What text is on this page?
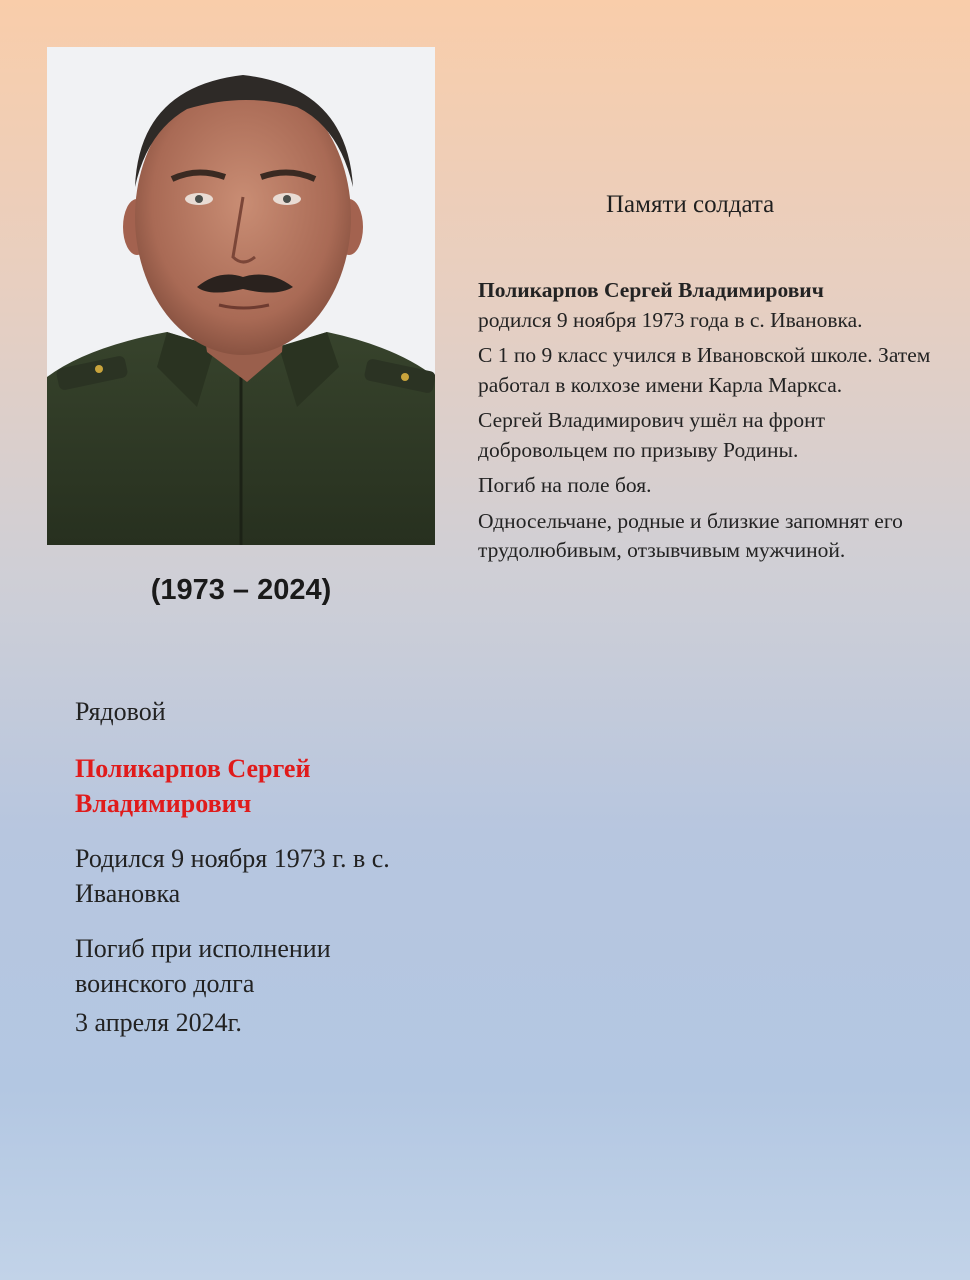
(1973 – 2024)
Памяти солдата

Поликарпов Сергей Владимирович
родился 9 ноября 1973 года в с. Ивановка.

С 1 по 9 класс учился в Ивановской школе. Затем работал в колхозе имени Карла Маркса.

Сергей Владимирович ушёл на фронт добровольцем по призыву Родины.

Погиб на поле боя.

Односельчане, родные и близкие запомнят его трудолюбивым, отзывчивым мужчиной.

Рядовой
Поликарпов Сергей Владимирович
Родился 9 ноября 1973 г. в с. Ивановка
Погиб при исполнении воинского долга
3 апреля 2024г.
